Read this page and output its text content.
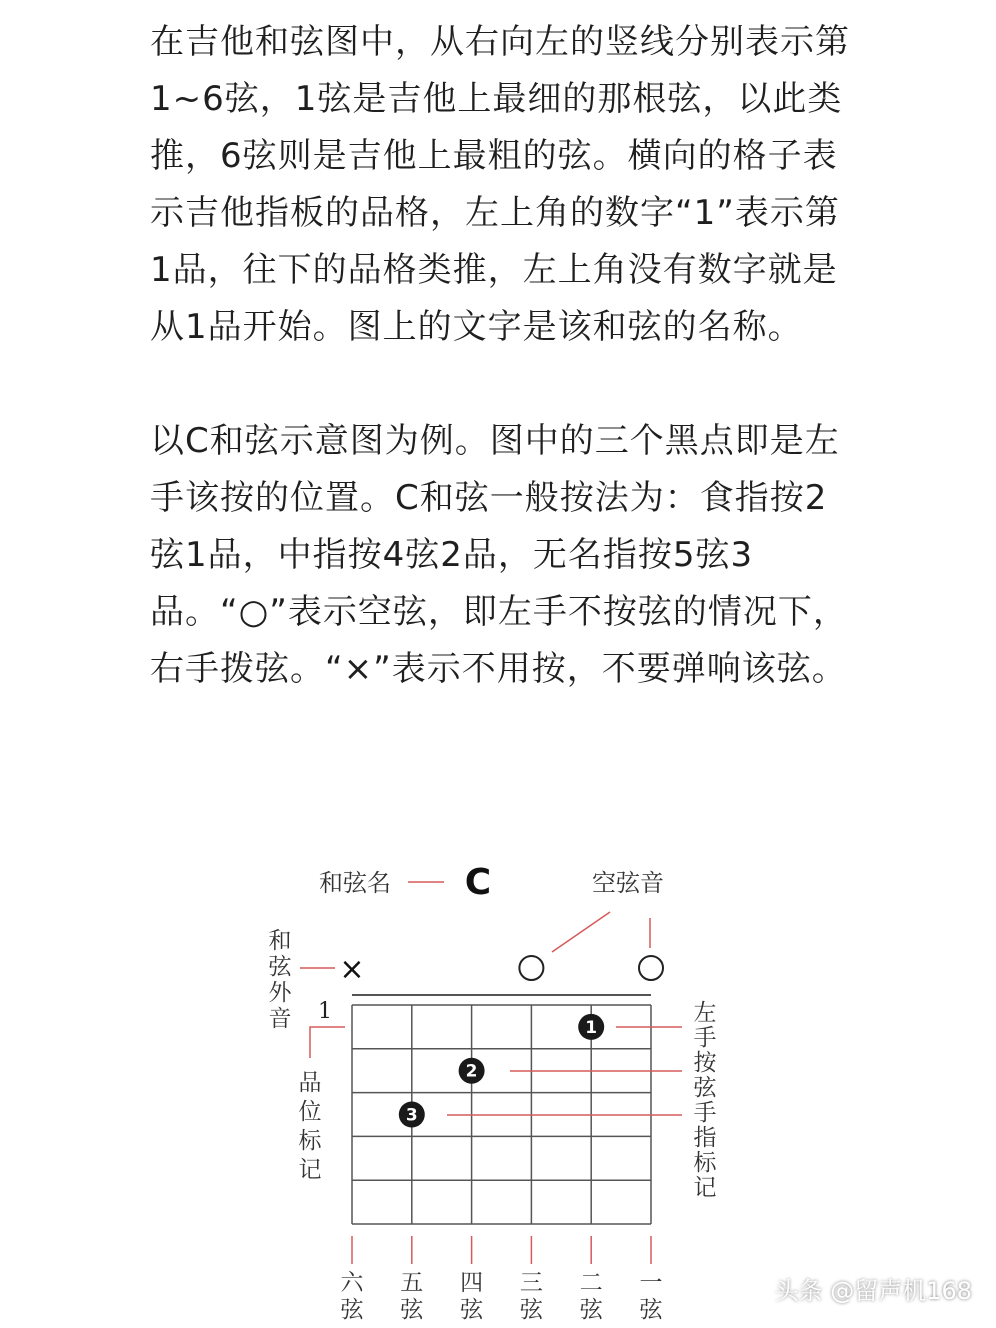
在吉他和弦图中，从右向左的竖线分别表示第1~6弦，1弦是吉他上最细的那根弦，以此类推，6弦则是吉他上最粗的弦。横向的格子表示吉他指板的品格，左上角的数字“1”表示第1品，往下的品格类推，左上角没有数字就是从1品开始。图上的文字是该和弦的名称。

以C和弦示意图为例。图中的三个黑点即是左手该按的位置。C和弦一般按法为：食指按2弦1品，中指按4弦2品，无名指按5弦3品。“○”表示空弦，即左手不按弦的情况下，右手拨弦。“×”表示不用按，不要弹响该弦。

和弦名 C	空弦音
和
弦
外
音 1
品
位
标
记
×
1
2
3
左
手
按
弦
手
指
标
记
六
弦
五
弦
四
弦
三
弦
二
弦
一
弦
头条 @留声机168
